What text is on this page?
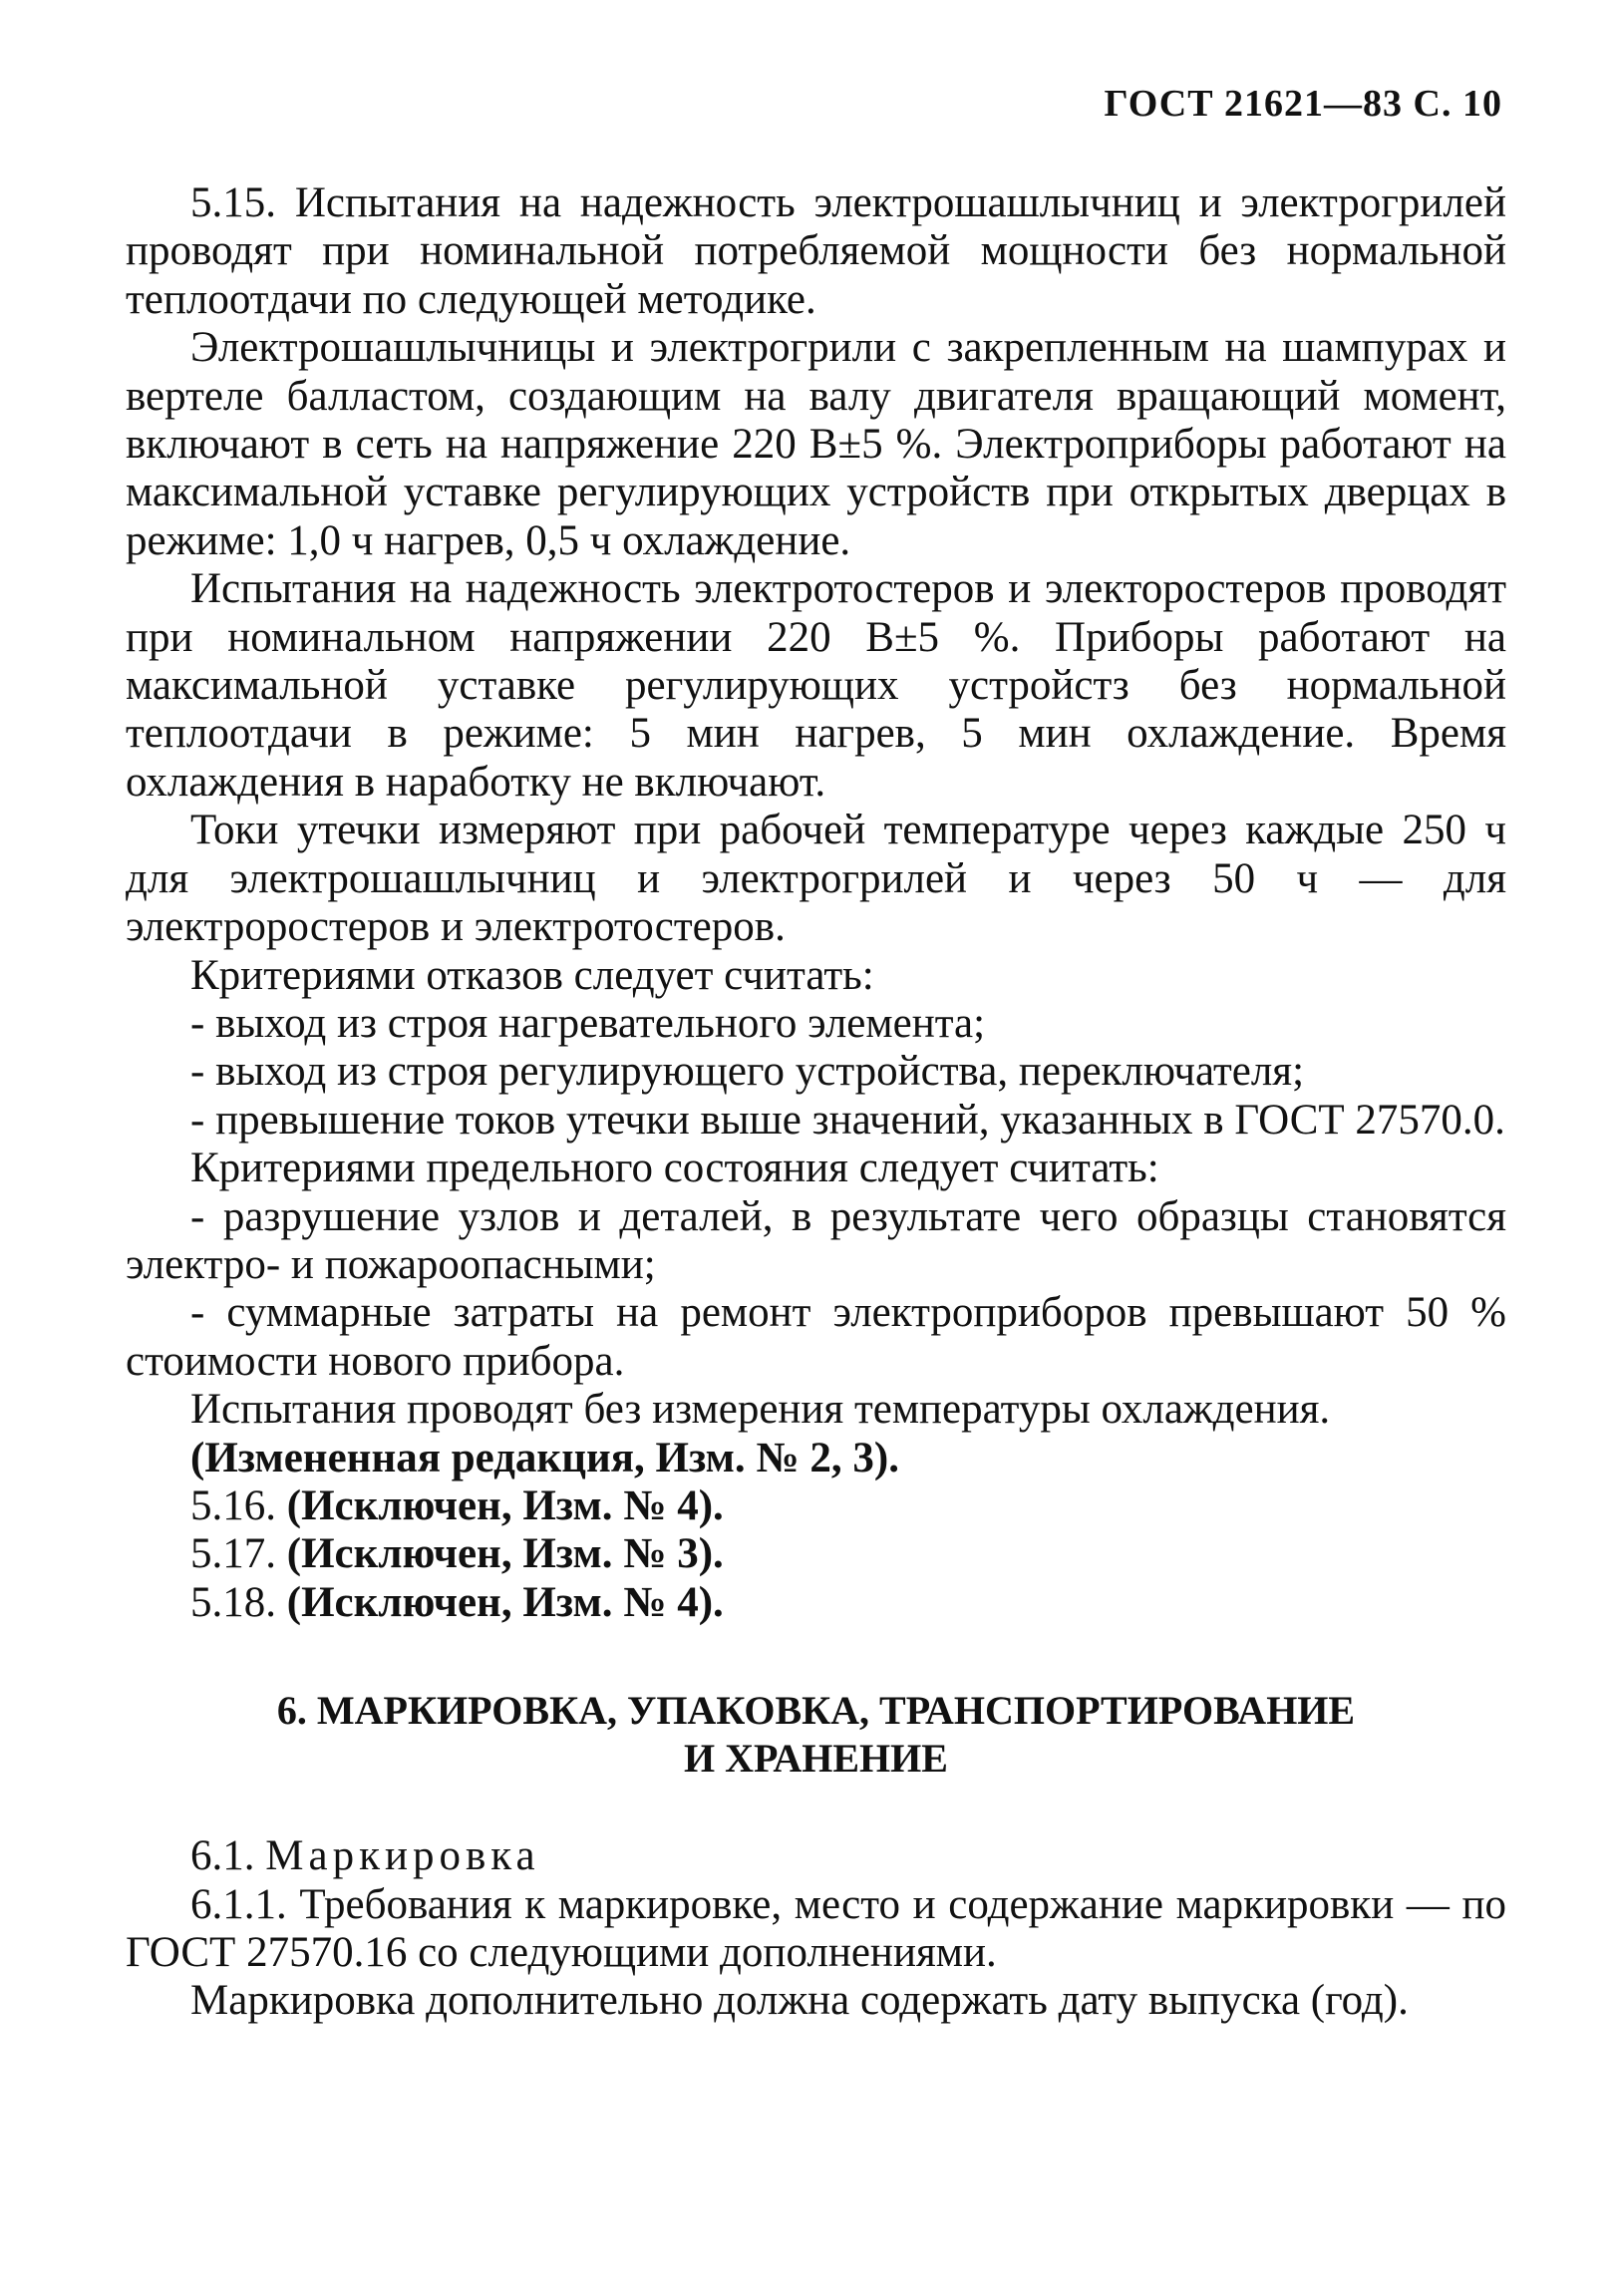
ГОСТ 21621—83 С. 10

5.15. Испытания на надежность электрошашлычниц и электрогрилей проводят при номинальной потребляемой мощности без нормальной теплоотдачи по следующей методике.

Электрошашлычницы и электрогрили с закрепленным на шампурах и вертеле балластом, создающим на валу двигателя вращающий момент, включают в сеть на напряжение 220 В±5 %. Электроприборы работают на максимальной уставке регулирующих устройств при открытых дверцах в режиме: 1,0 ч нагрев, 0,5 ч охлаждение.

Испытания на надежность электротостеров и электоростеров проводят при номинальном напряжении 220 В±5 %. Приборы работают на максимальной уставке регулирующих устройстз без нормальной теплоотдачи в режиме: 5 мин нагрев, 5 мин охлаждение. Время охлаждения в наработку не включают.

Токи утечки измеряют при рабочей температуре через каждые 250 ч для электрошашлычниц и электрогрилей и через 50 ч — для электроростеров и электротостеров.

Критериями отказов следует считать:

- выход из строя нагревательного элемента;

- выход из строя регулирующего устройства, переключателя;

- превышение токов утечки выше значений, указанных в ГОСТ 27570.0.

Критериями предельного состояния следует считать:

- разрушение узлов и деталей, в результате чего образцы становятся электро- и пожароопасными;

- суммарные затраты на ремонт электроприборов превышают 50 % стоимости нового прибора.

Испытания проводят без измерения температуры охлаждения.

(Измененная редакция, Изм. № 2, 3).

5.16. (Исключен, Изм. № 4).

5.17. (Исключен, Изм. № 3).

5.18. (Исключен, Изм. № 4).

6. МАРКИРОВКА, УПАКОВКА, ТРАНСПОРТИРОВАНИЕ
И ХРАНЕНИЕ

6.1. Маркировка

6.1.1. Требования к маркировке, место и содержание маркировки — по ГОСТ 27570.16 со следующими дополнениями.

Маркировка дополнительно должна содержать дату выпуска (год).
